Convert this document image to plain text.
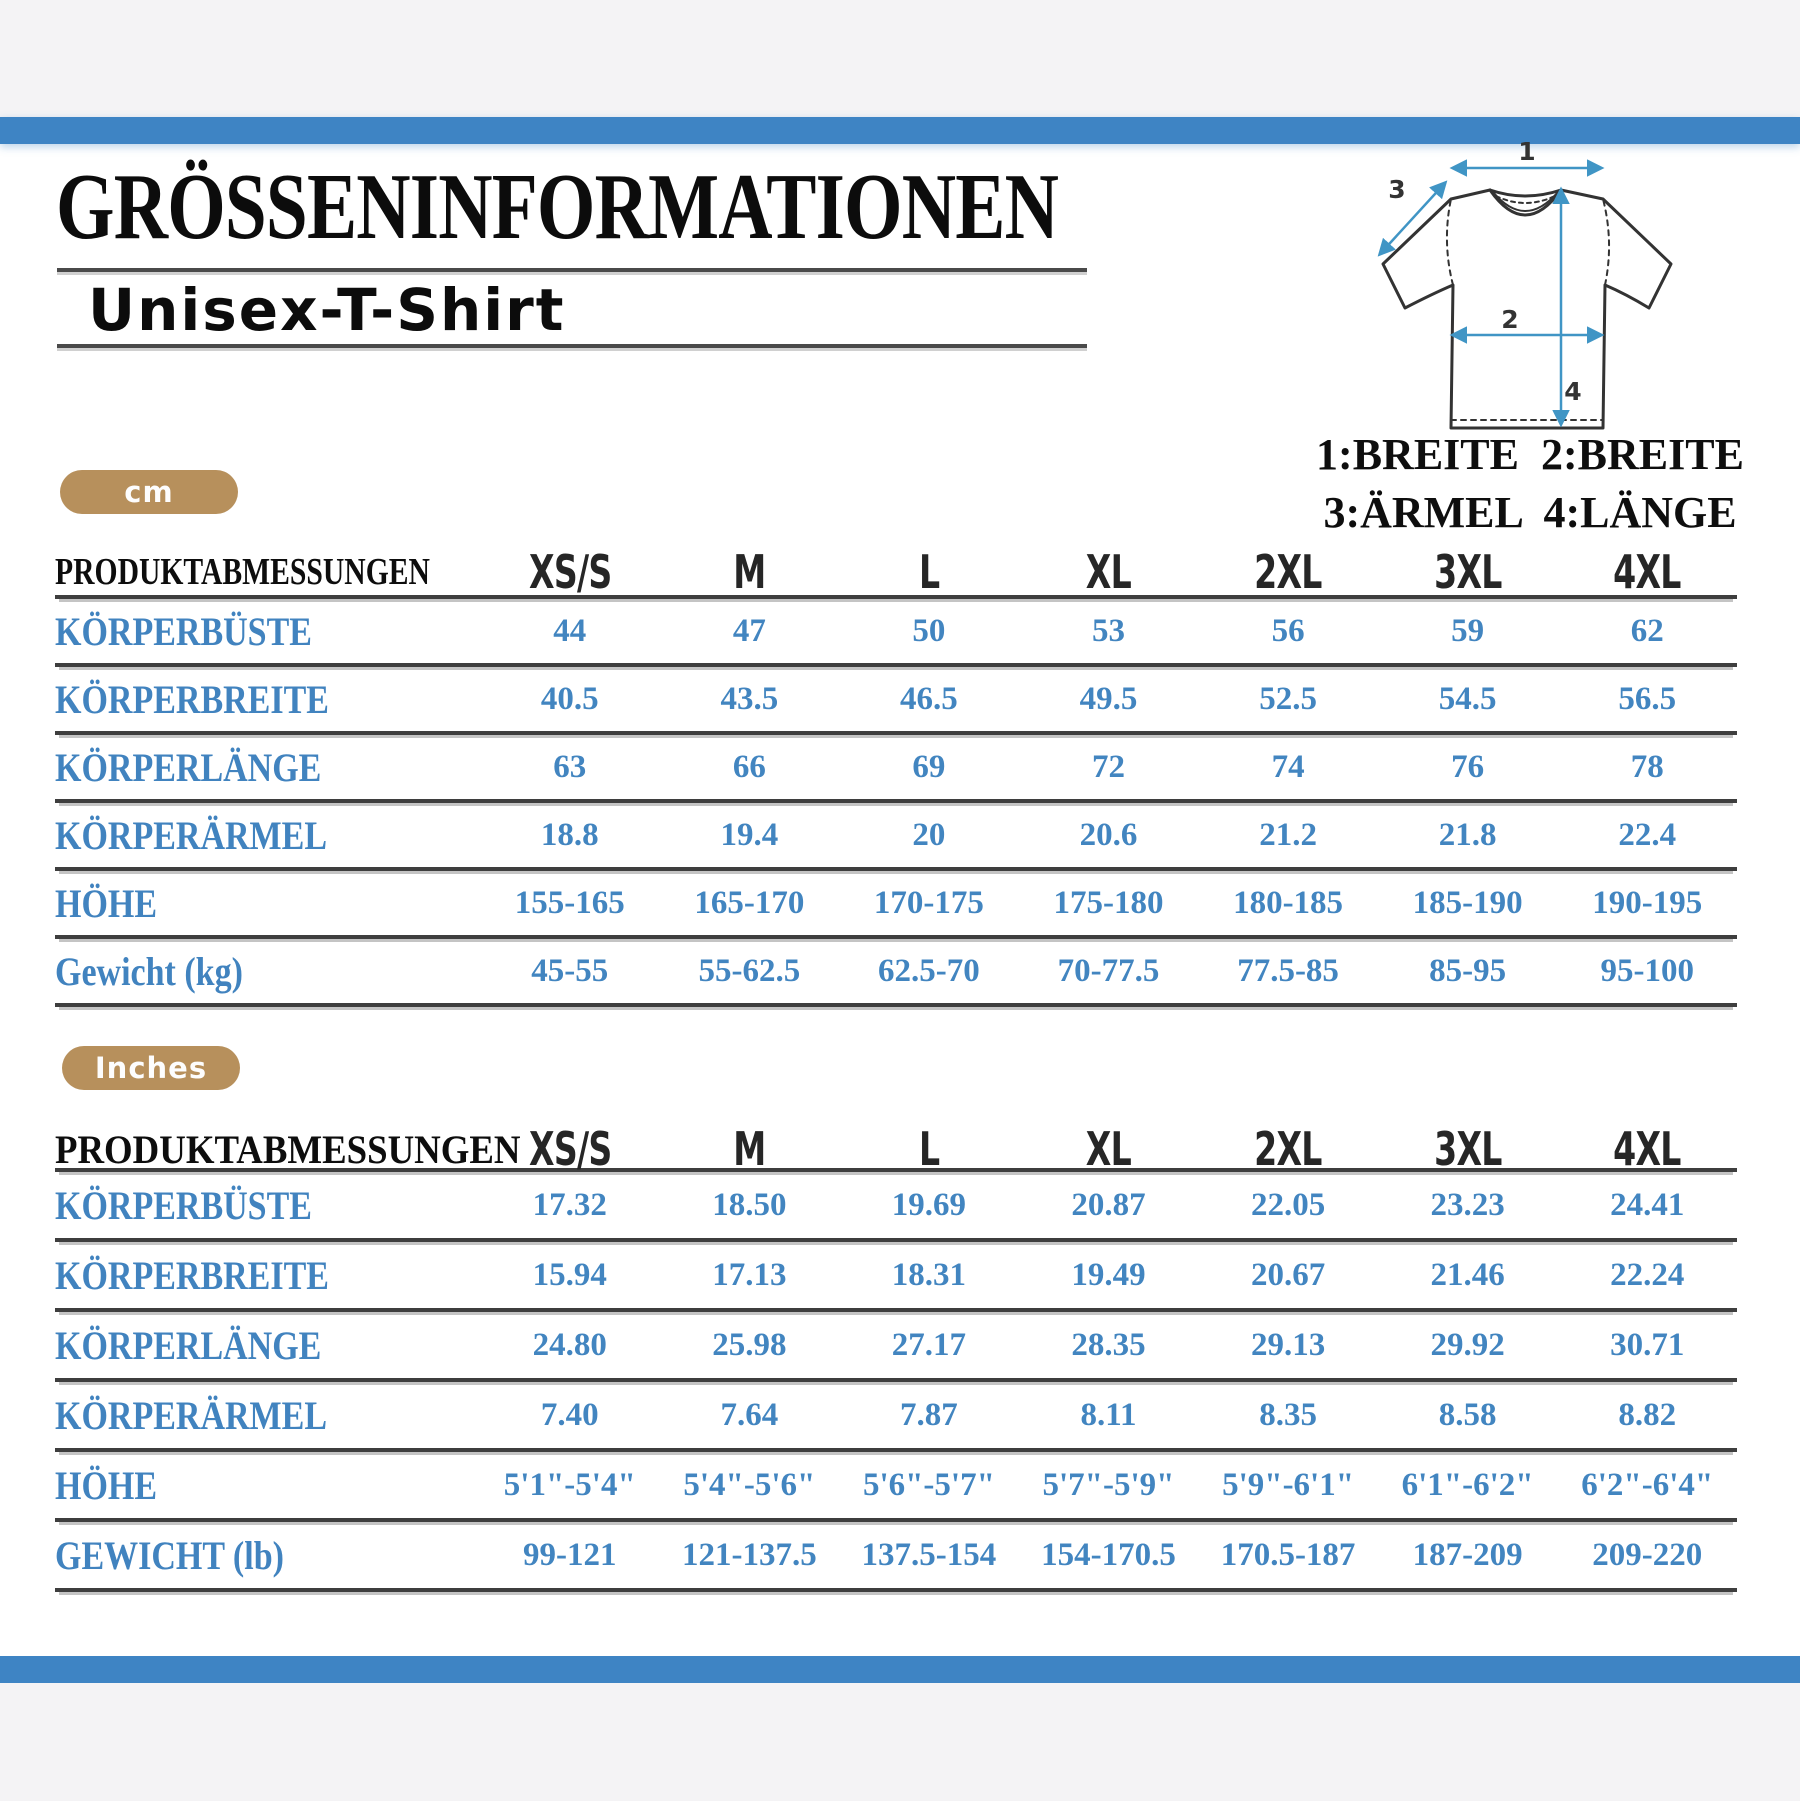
GRÖSSENINFORMATIONEN
Unisex-T-Shirt
1
3
2
4
1:BREITE  2:BREITE
3:ÄRMEL  4:LÄNGE
cm
PRODUKTABMESSUNGEN	XS/S	M	L	XL	2XL	3XL	4XL
KÖRPERBÜSTE	44	47	50	53	56	59	62
KÖRPERBREITE	40.5	43.5	46.5	49.5	52.5	54.5	56.5
KÖRPERLÄNGE	63	66	69	72	74	76	78
KÖRPERÄRMEL	18.8	19.4	20	20.6	21.2	21.8	22.4
HÖHE	155-165	165-170	170-175	175-180	180-185	185-190	190-195
Gewicht (kg)	45-55	55-62.5	62.5-70	70-77.5	77.5-85	85-95	95-100
Inches
PRODUKTABMESSUNGEN XS/S	M	L	XL	2XL	3XL	4XL
KÖRPERBÜSTE	17.32	18.50	19.69	20.87	22.05	23.23	24.41
KÖRPERBREITE	15.94	17.13	18.31	19.49	20.67	21.46	22.24
KÖRPERLÄNGE	24.80	25.98	27.17	28.35	29.13	29.92	30.71
KÖRPERÄRMEL	7.40	7.64	7.87	8.11	8.35	8.58	8.82
HÖHE	5'1"-5'4"	5'4"-5'6"	5'6"-5'7"	5'7"-5'9"	5'9"-6'1"	6'1"-6'2"	6'2"-6'4"
GEWICHT (lb)	99-121	121-137.5	137.5-154	154-170.5	170.5-187	187-209	209-220
